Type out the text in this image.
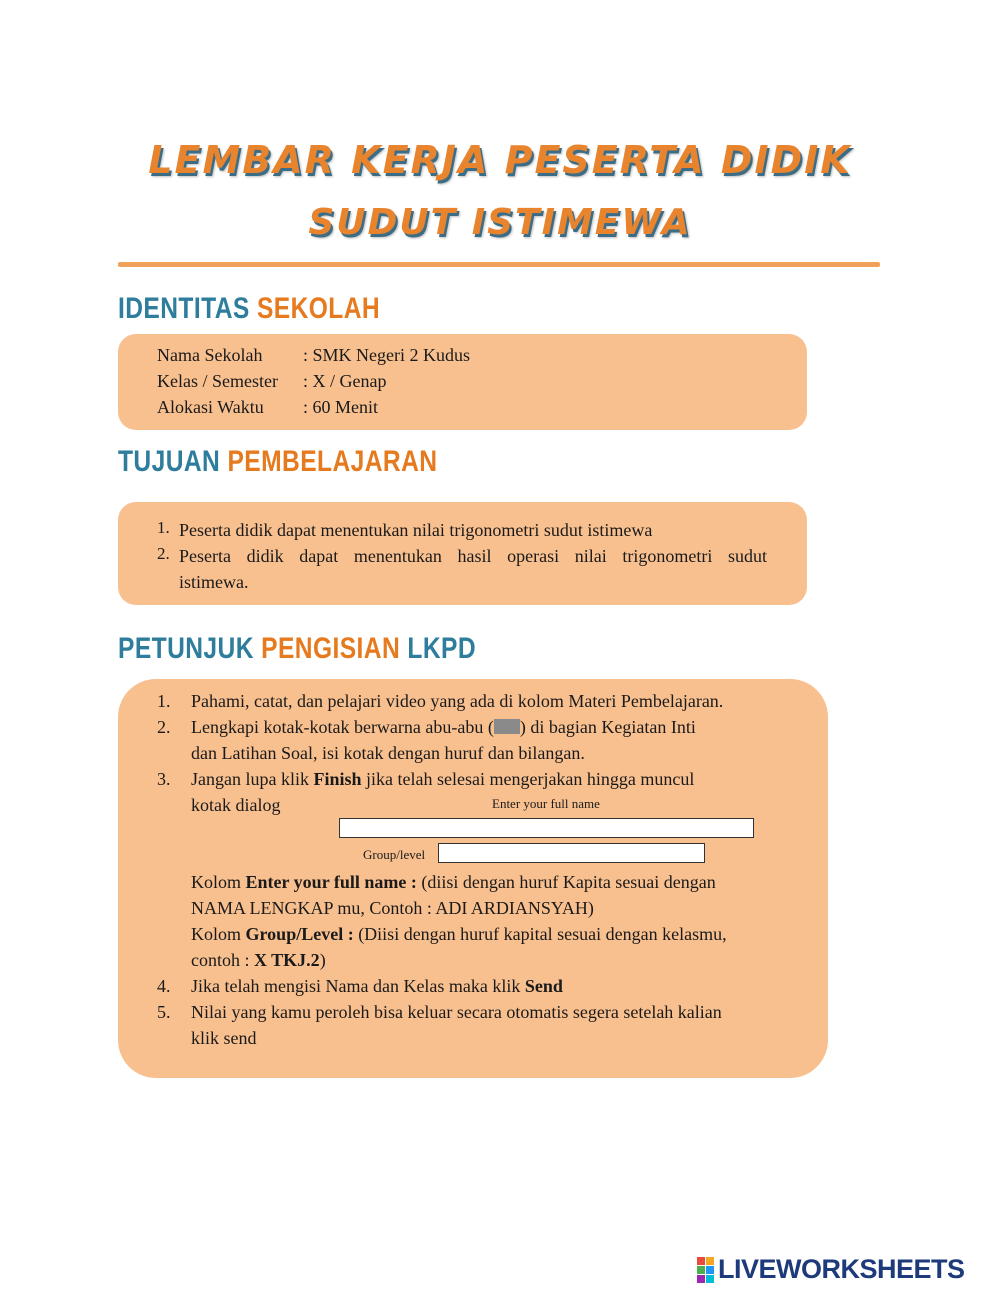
LEMBAR KERJA PESERTA DIDIK
SUDUT ISTIMEWA
IDENTITAS SEKOLAH
Nama Sekolah : SMK Negeri 2 Kudus
Kelas / Semester : X / Genap
Alokasi Waktu : 60 Menit
TUJUAN PEMBELAJARAN
1. Peserta didik dapat menentukan nilai trigonometri sudut istimewa
2. Peserta didik dapat menentukan hasil operasi nilai trigonometri sudut
istimewa.
PETUNJUK PENGISIAN LKPD
1. Pahami, catat, dan pelajari video yang ada di kolom Materi Pembelajaran.
2. Lengkapi kotak-kotak berwarna abu-abu ( ) di bagian Kegiatan Inti
dan Latihan Soal, isi kotak dengan huruf dan bilangan.
3. Jangan lupa klik Finish jika telah selesai mengerjakan hingga muncul
kotak dialog	Enter your full name
Group/level
Kolom Enter your full name : (diisi dengan huruf Kapita sesuai dengan
NAMA LENGKAP mu, Contoh : ADI ARDIANSYAH)
Kolom Group/Level : (Diisi dengan huruf kapital sesuai dengan kelasmu,
contoh : X TKJ.2)
4. Jika telah mengisi Nama dan Kelas maka klik Send
5. Nilai yang kamu peroleh bisa keluar secara otomatis segera setelah kalian
klik send
LIVEWORKSHEETS
